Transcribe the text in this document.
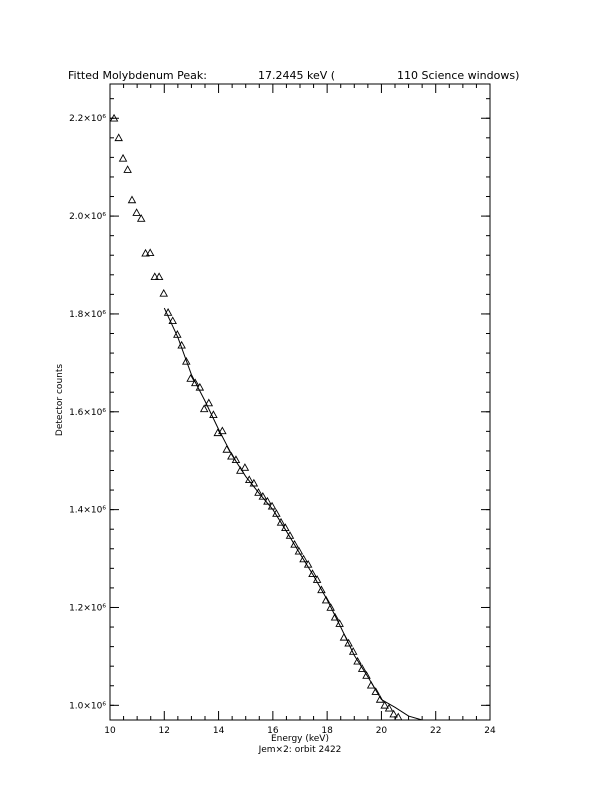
Fitted Molybdenum Peak:	17.2445 keV (	110 Science windows)
10	12	14	16	18	20	22	24
1.0×10⁶
1.2×10⁶
1.4×10⁶
1.6×10⁶
1.8×10⁶
2.0×10⁶
2.2×10⁶
Energy (keV)
Jem×2: orbit 2422
Detector counts
